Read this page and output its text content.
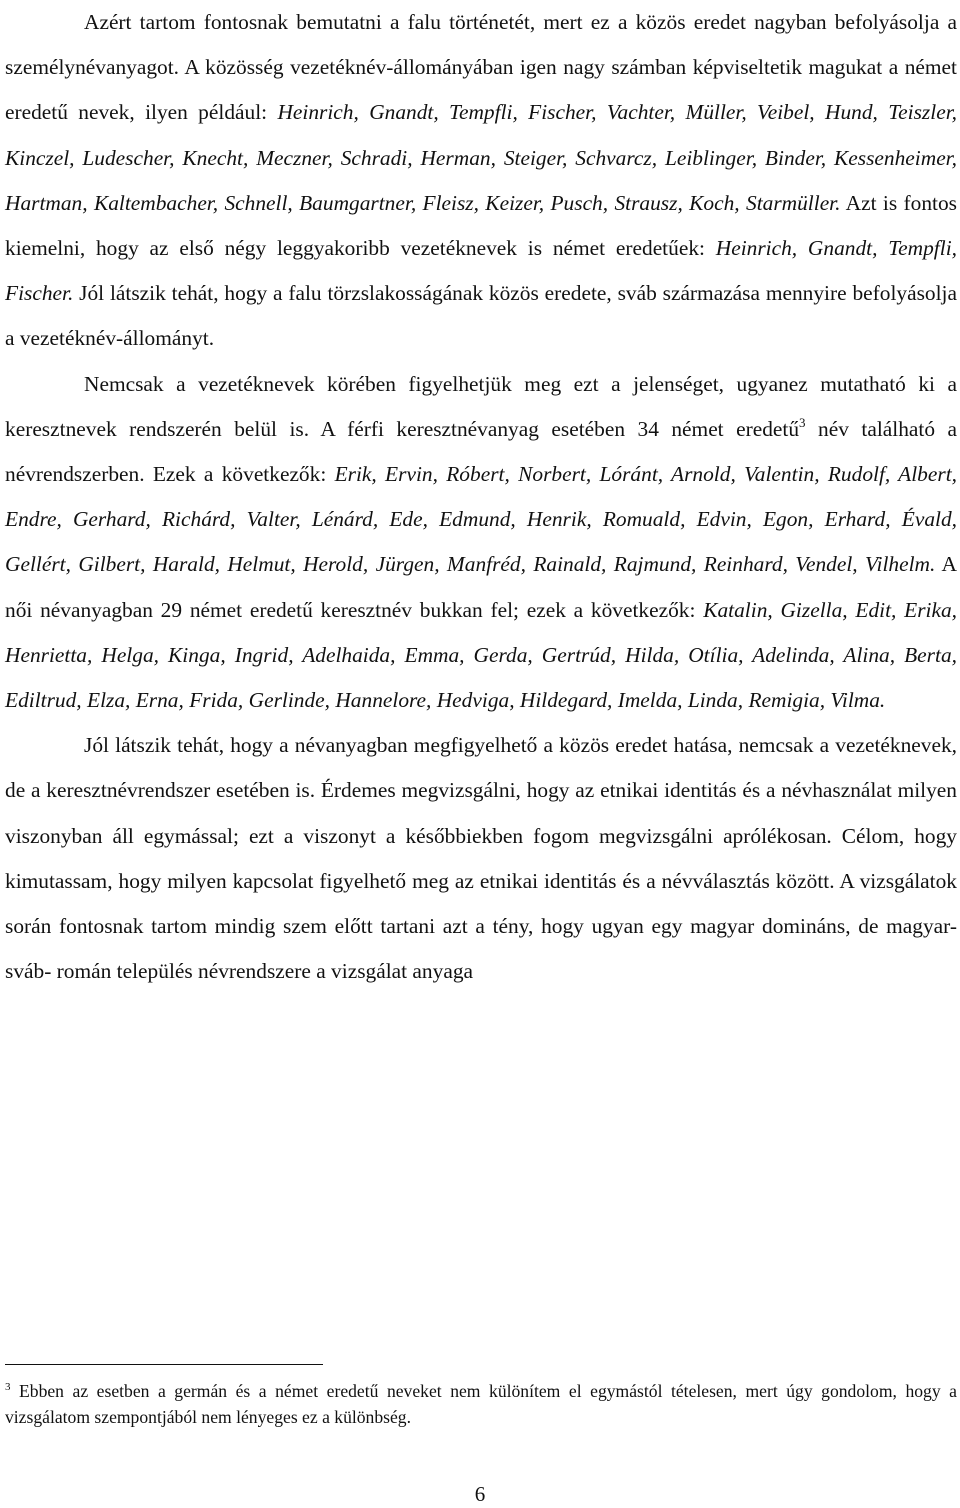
Azért tartom fontosnak bemutatni a falu történetét, mert ez a közös eredet nagyban befolyásolja a személynévanyagot. A közösség vezetéknév-állományában igen nagy számban képviseltetik magukat a német eredetű nevek, ilyen például: Heinrich, Gnandt, Tempfli, Fischer, Vachter, Müller, Veibel, Hund, Teiszler, Kinczel, Ludescher, Knecht, Meczner, Schradi, Herman, Steiger, Schvarcz, Leiblinger, Binder, Kessenheimer, Hartman, Kaltembacher, Schnell, Baumgartner, Fleisz, Keizer, Pusch, Strausz, Koch, Starmüller. Azt is fontos kiemelni, hogy az első négy leggyakoribb vezetéknevek is német eredetűek: Heinrich, Gnandt, Tempfli, Fischer. Jól látszik tehát, hogy a falu törzslakosságának közös eredete, sváb származása mennyire befolyásolja a vezetéknév-állományt.

Nemcsak a vezetéknevek körében figyelhetjük meg ezt a jelenséget, ugyanez mutatható ki a keresztnevek rendszerén belül is. A férfi keresztnévanyag esetében 34 német eredetű$^3$ név található a névrendszerben. Ezek a következők: Erik, Ervin, Róbert, Norbert, Lóránt, Arnold, Valentin, Rudolf, Albert, Endre, Gerhard, Richárd, Valter, Lénárd, Ede, Edmund, Henrik, Romuald, Edvin, Egon, Erhard, Évald, Gellért, Gilbert, Harald, Helmut, Herold, Jürgen, Manfréd, Rainald, Rajmund, Reinhard, Vendel, Vilhelm. A női névanyagban 29 német eredetű keresztnév bukkan fel; ezek a következők: Katalin, Gizella, Edit, Erika, Henrietta, Helga, Kinga, Ingrid, Adelhaida, Emma, Gerda, Gertrúd, Hilda, Otília, Adelinda, Alina, Berta, Ediltrud, Elza, Erna, Frida, Gerlinde, Hannelore, Hedviga, Hildegard, Imelda, Linda, Remigia, Vilma.

Jól látszik tehát, hogy a névanyagban megfigyelhető a közös eredet hatása, nemcsak a vezetéknevek, de a keresztnévrendszer esetében is. Érdemes megvizsgálni, hogy az etnikai identitás és a névhasználat milyen viszonyban áll egymással; ezt a viszonyt a későbbiekben fogom megvizsgálni aprólékosan. Célom, hogy kimutassam, hogy milyen kapcsolat figyelhető meg az etnikai identitás és a névválasztás között. A vizsgálatok során fontosnak tartom mindig szem előtt tartani azt a tény, hogy ugyan egy magyar domináns, de magyar- sváb- román település névrendszere a vizsgálat anyaga

$^3$ Ebben az esetben a germán és a német eredetű neveket nem különítem el egymástól tételesen, mert úgy gondolom, hogy a vizsgálatom szempontjából nem lényeges ez a különbség.

6
